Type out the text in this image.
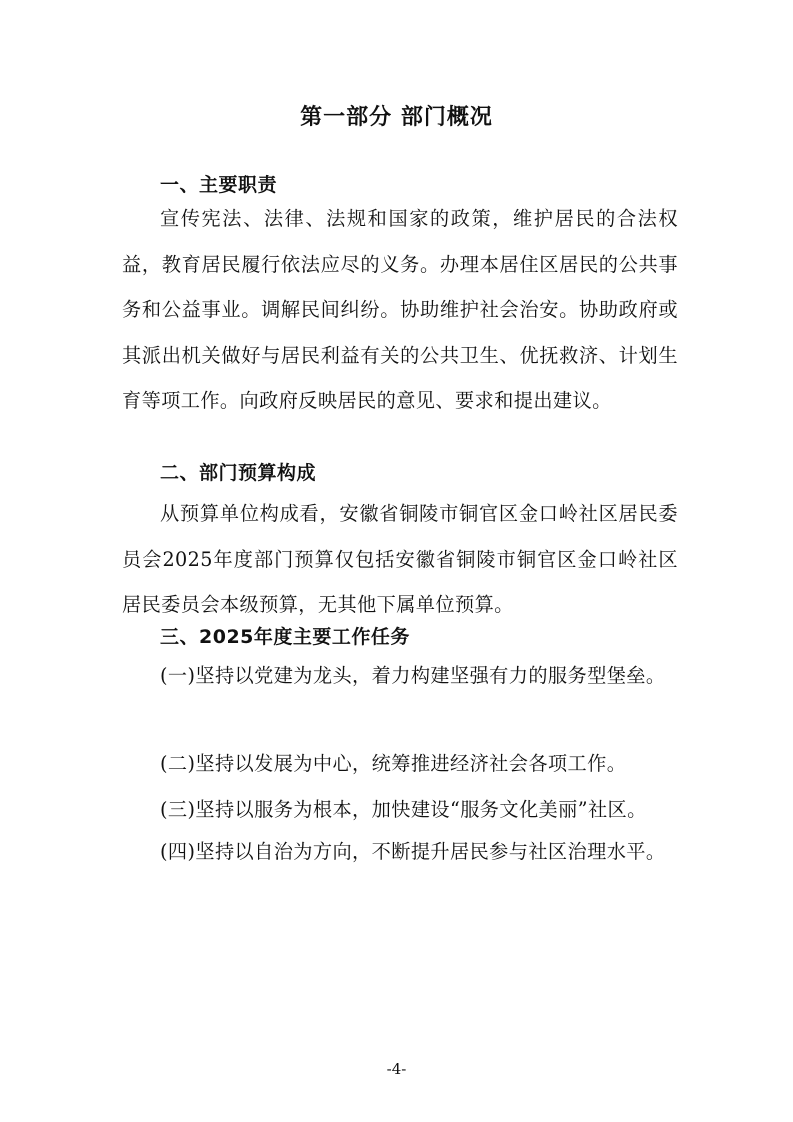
第一部分 部门概况
一、主要职责

宣传宪法、法律、法规和国家的政策，维护居民的合法权益，教育居民履行依法应尽的义务。办理本居住区居民的公共事务和公益事业。调解民间纠纷。协助维护社会治安。协助政府或其派出机关做好与居民利益有关的公共卫生、优抚救济、计划生育等项工作。向政府反映居民的意见、要求和提出建议。

二、部门预算构成

从预算单位构成看，安徽省铜陵市铜官区金口岭社区居民委员会2025年度部门预算仅包括安徽省铜陵市铜官区金口岭社区居民委员会本级预算，无其他下属单位预算。

三、2025年度主要工作任务

(一)坚持以党建为龙头，着力构建坚强有力的服务型堡垒。

(二)坚持以发展为中心，统筹推进经济社会各项工作。

(三)坚持以服务为根本，加快建设“服务文化美丽”社区。

(四)坚持以自治为方向，不断提升居民参与社区治理水平。

-4-
